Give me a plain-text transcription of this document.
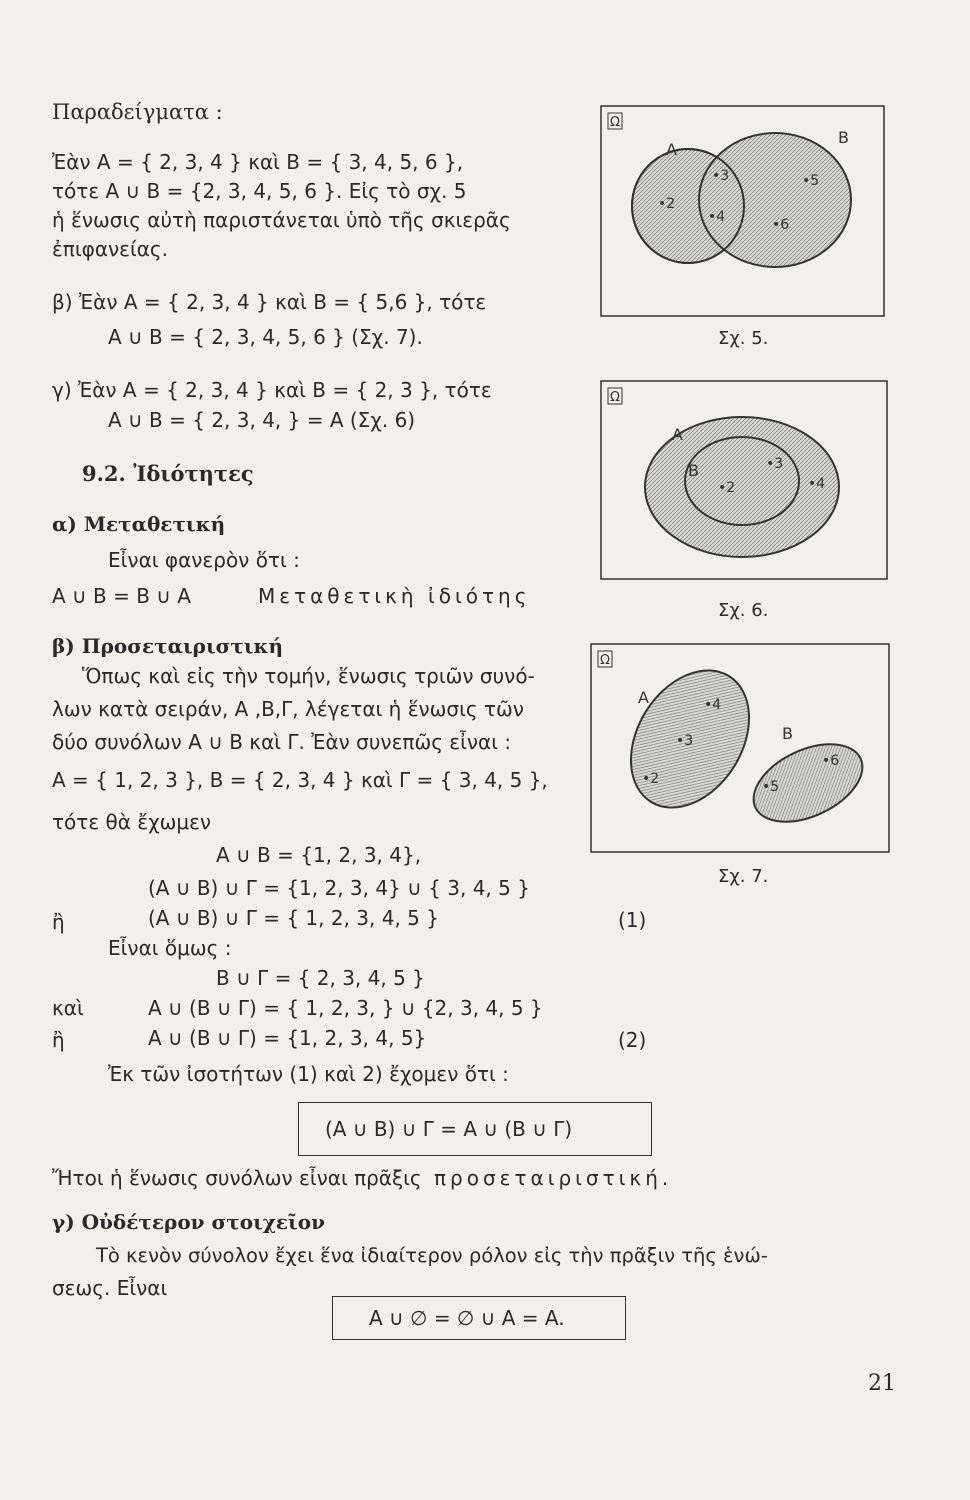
Παραδείγματα :
Ἐὰν A = { 2, 3, 4 } καὶ B = { 3, 4, 5, 6 },
τότε A ∪ B = {2, 3, 4, 5, 6 }. Εἰς τὸ σχ. 5
ἡ ἕνωσις αὐτὴ παριστάνεται ὑπὸ τῆς σκιερᾶς
ἐπιφανείας.
β) Ἐὰν A = { 2, 3, 4 } καὶ B = { 5,6 }, τότε
A ∪ B = { 2, 3, 4, 5, 6 } (Σχ. 7).
γ) Ἐὰν A = { 2, 3, 4 } καὶ B = { 2, 3 }, τότε
A ∪ B = { 2, 3, 4, } = A (Σχ. 6)
9.2. Ἰδιότητες
α) Μεταθετική
Εἶναι φανερὸν ὅτι :
A ∪ B = B ∪ A	Μεταθετικὴ ἰδιότης
β) Προσεταιριστική
Ὅπως καὶ εἰς τὴν τομήν, ἕνωσις τριῶν συνό-
λων κατὰ σειράν, A ,B,Γ, λέγεται ἡ ἕνωσις τῶν
δύο συνόλων A ∪ B καὶ Γ. Ἐὰν συνεπῶς εἶναι :
A = { 1, 2, 3 }, B = { 2, 3, 4 } καὶ Γ = { 3, 4, 5 },
τότε θὰ ἔχωμεν
A ∪ B = {1, 2, 3, 4},
(A ∪ B) ∪ Γ = {1, 2, 3, 4} ∪ { 3, 4, 5 }
ἢ	(A ∪ B) ∪ Γ = { 1, 2, 3, 4, 5 }	(1)
Εἶναι ὅμως :
B ∪ Γ = { 2, 3, 4, 5 }
καὶ	A ∪ (B ∪ Γ) = { 1, 2, 3, } ∪ {2, 3, 4, 5 }
ἢ	A ∪ (B ∪ Γ) = {1, 2, 3, 4, 5}	(2)
Ἐκ τῶν ἰσοτήτων (1) καὶ 2) ἔχομεν ὅτι :
(A ∪ B) ∪ Γ = A ∪ (B ∪ Γ)
Ἤτοι ἡ ἕνωσις συνόλων εἶναι πρᾶξις προσεταιριστική.
γ) Οὐδέτερον στοιχεῖον
Τὸ κενὸν σύνολον ἔχει ἕνα ἰδιαίτερον ρόλον εἰς τὴν πρᾶξιν τῆς ἑνώ-
σεως. Εἶναι
A ∪ ∅ = ∅ ∪ A = A.
21
Ω
A
B
•2
•3
•4
•5
•6
Σχ. 5.
Ω
A
B
•2
•3
•4
Σχ. 6.
Ω
A
B
•2
•3
•4
•5
•6
Σχ. 7.
